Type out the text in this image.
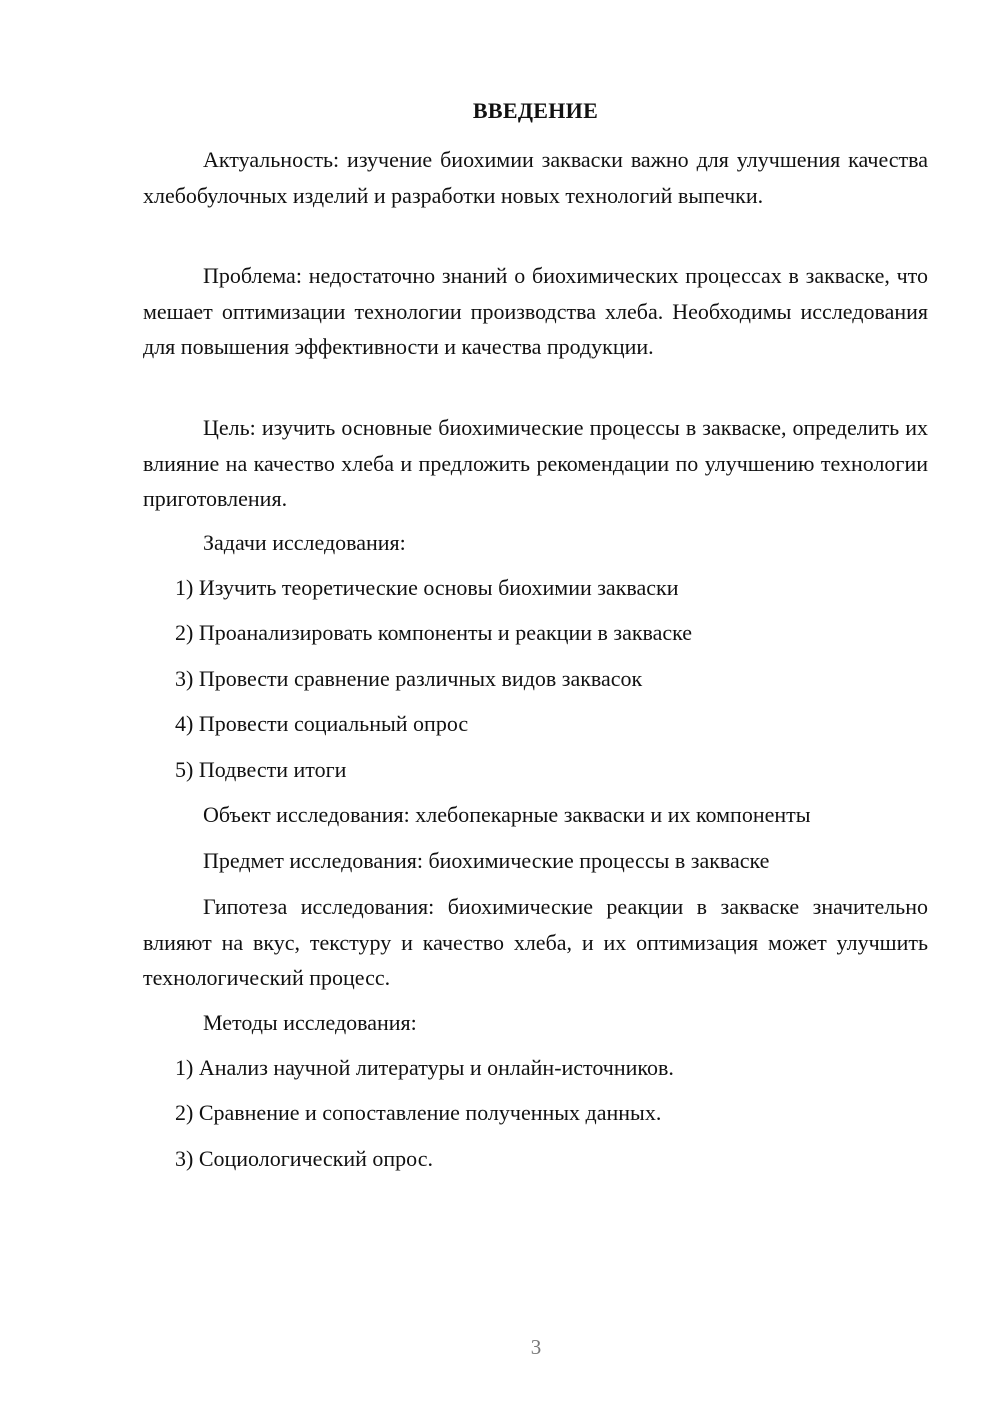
ВВЕДЕНИЕ

Актуальность: изучение биохимии закваски важно для улучшения качества хлебобулочных изделий и разработки новых технологий выпечки.

Проблема: недостаточно знаний о биохимических процессах в закваске, что мешает оптимизации технологии производства хлеба. Необходимы исследования для повышения эффективности и качества продукции.

Цель: изучить основные биохимические процессы в закваске, определить их влияние на качество хлеба и предложить рекомендации по улучшению технологии приготовления.

Задачи исследования:

1) Изучить теоретические основы биохимии закваски

2) Проанализировать компоненты и реакции в закваске

3) Провести сравнение различных видов заквасок

4) Провести социальный опрос

5) Подвести итоги

Объект исследования: хлебопекарные закваски и их компоненты

Предмет исследования: биохимические процессы в закваске

Гипотеза исследования: биохимические реакции в закваске значительно влияют на вкус, текстуру и качество хлеба, и их оптимизация может улучшить технологический процесс.

Методы исследования:

1) Анализ научной литературы и онлайн-источников.

2) Сравнение и сопоставление полученных данных.

3) Социологический опрос.

3
